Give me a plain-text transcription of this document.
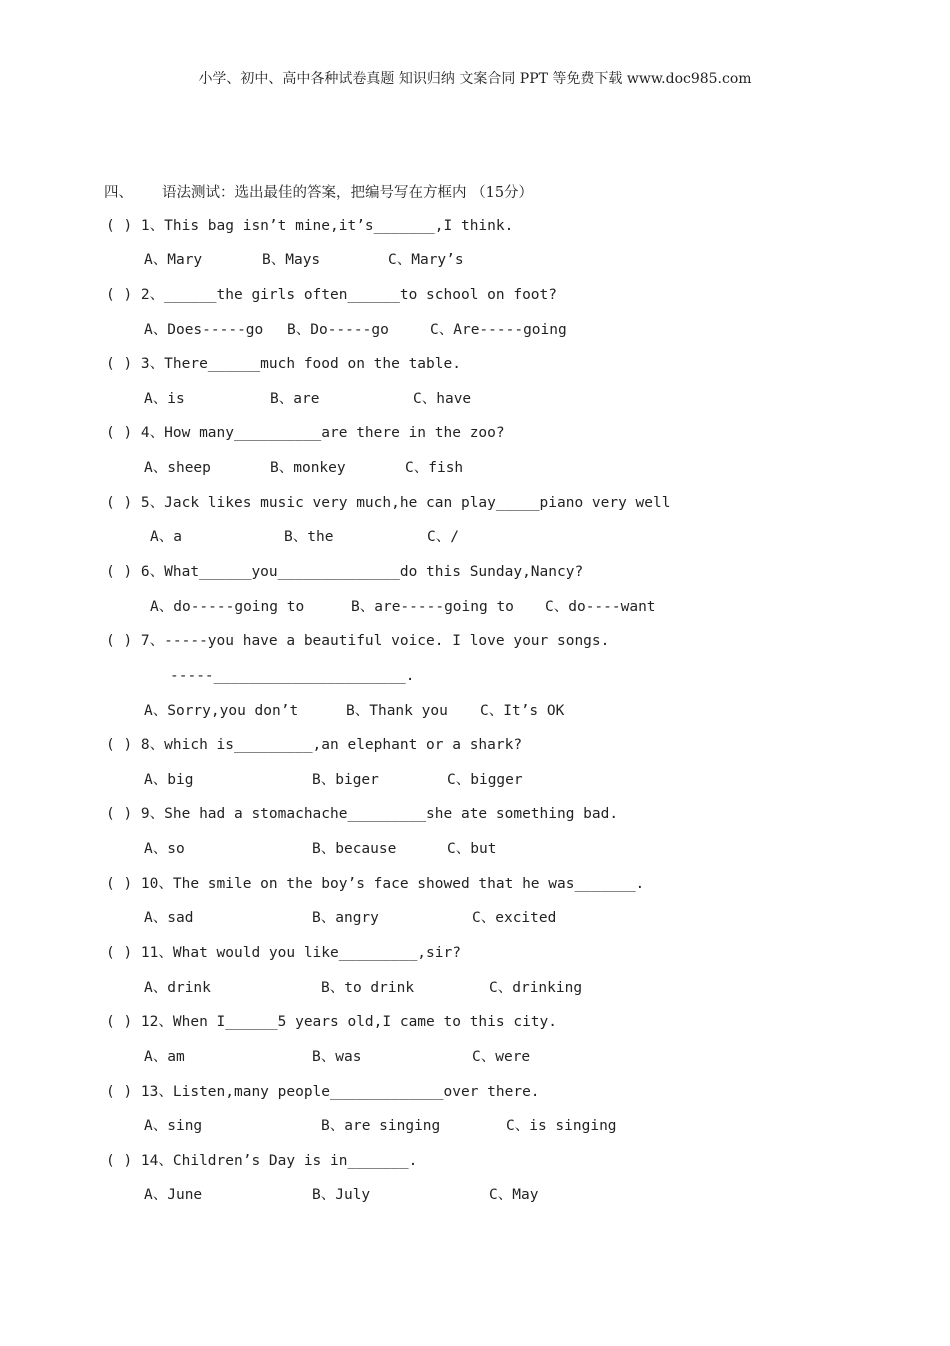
小学、初中、高中各种试卷真题 知识归纳 文案合同 PPT 等免费下载 www.doc985.com
四、 语法测试：选出最佳的答案，把编号写在方框内 （15分）
( ) 1、This bag isn’t mine,it’s_______,I think.

A、Mary

	B、Mays

	C、Mary’s

( ) 2、______the girls often______to school on foot?

A、Does-----go

B、Do-----go

	C、Are-----going

( ) 3、There______much food on the table.

A、is

	B、are

	C、have

( ) 4、How many__________are there in the zoo?

A、sheep

	B、monkey

	C、fish

( ) 5、Jack likes music very much,he can play_____piano very well

A、a

	B、the

	C、/

( ) 6、What______you______________do this Sunday,Nancy?

A、do-----going to

	B、are-----going to

C、do----want

( ) 7、-----you have a beautiful voice. I love your songs.
-----______________________.

A、Sorry,you don’t

	B、Thank you

C、It’s OK

( ) 8、which is_________,an elephant or a shark?

A、big

	B、biger

	C、bigger

( ) 9、She had a stomachache_________she ate something bad.

A、so

	B、because

	C、but

( ) 10、The smile on the boy’s face showed that he was_______.

A、sad

	B、angry

	C、excited

( ) 11、What would you like_________,sir?

A、drink

	B、to drink

	C、drinking

( ) 12、When I______5 years old,I came to this city.

A、am

	B、was

	C、were

( ) 13、Listen,many people_____________over there.

A、sing

	B、are singing

	C、is singing

( ) 14、Children’s Day is in_______.

A、June

	B、July

	C、May
